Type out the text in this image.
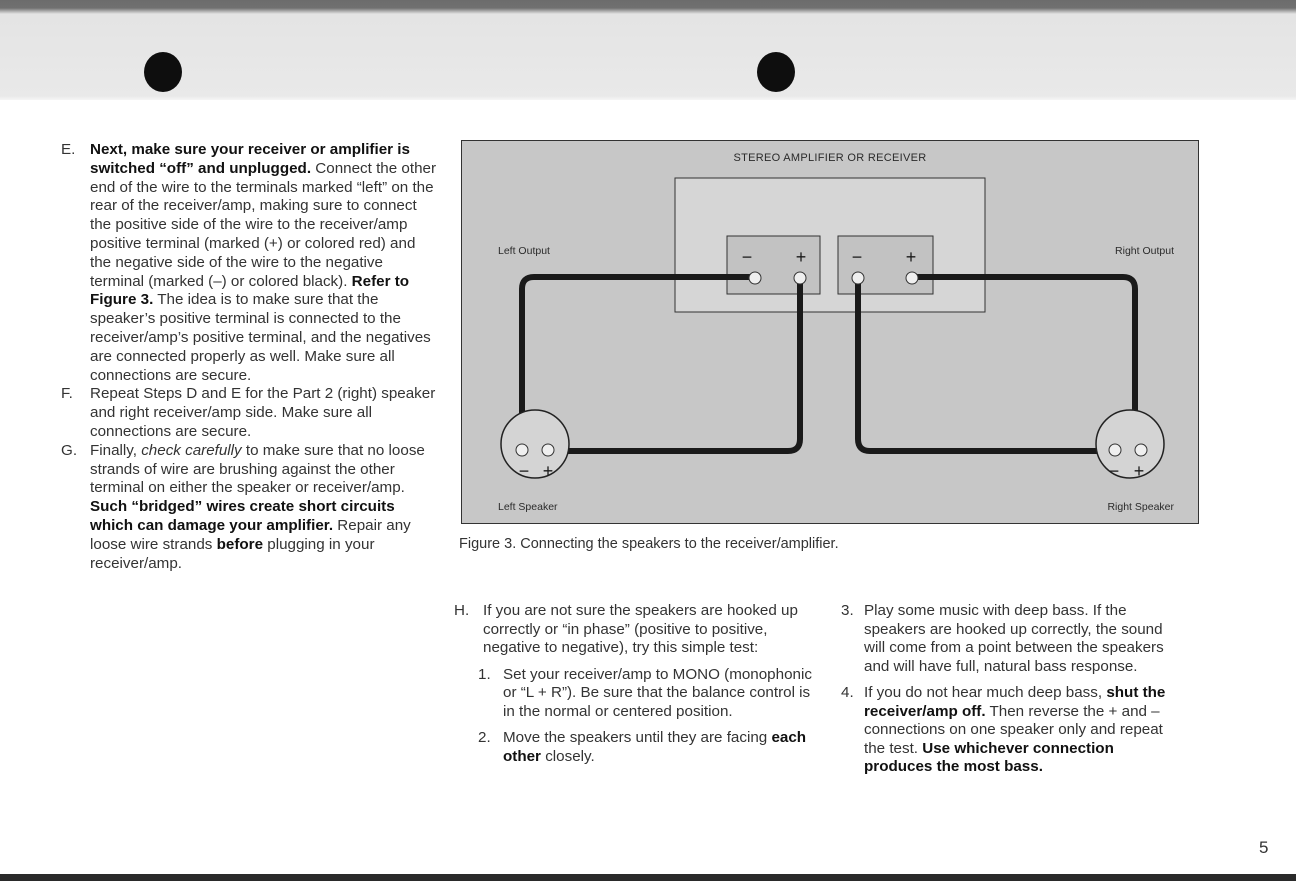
E. Next, make sure your receiver or amplifier is switched “off” and unplugged. Connect the other end of the wire to the terminals marked “left” on the rear of the receiver/amp, making sure to connect the positive side of the wire to the receiver/amp positive terminal (marked (+) or colored red) and the negative side of the wire to the negative terminal (marked (–) or colored black). Refer to Figure 3. The idea is to make sure that the speaker’s positive terminal is connected to the receiver/amp’s positive terminal, and the negatives are connected properly as well. Make sure all connections are secure.

F. Repeat Steps D and E for the Part 2 (right) speaker and right receiver/amp side. Make sure all connections are secure.

G. Finally, check carefully to make sure that no loose strands of wire are brushing against the other terminal on either the speaker or receiver/amp. Such “bridged” wires create short circuits which can damage your amplifier. Repair any loose wire strands before plugging in your receiver/amp.

STEREO AMPLIFIER OR RECEIVER
Left Output	Right Output
Left Speaker	Right Speaker
− +	− +
− +	− +
Figure 3. Connecting the speakers to the receiver/amplifier.

H. If you are not sure the speakers are hooked up correctly or “in phase” (positive to positive, negative to negative), try this simple test:

1. Set your receiver/amp to MONO (monophonic or “L + R”). Be sure that the balance control is in the normal or centered position.

2. Move the speakers until they are facing each other closely.

3. Play some music with deep bass. If the speakers are hooked up correctly, the sound will come from a point between the speakers and will have full, natural bass response.

4. If you do not hear much deep bass, shut the receiver/amp off. Then reverse the + and – connections on one speaker only and repeat the test. Use whichever connection produces the most bass.

5
